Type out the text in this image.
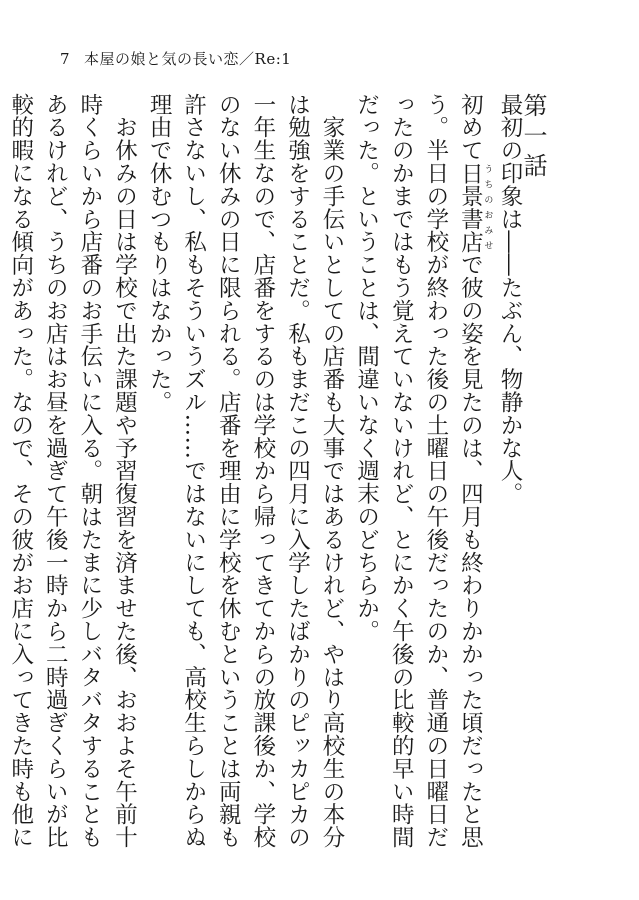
7 本屋の娘と気の長い恋／Re:1
第一話

最初の印象は――たぶん、物静かな人。

初めて日景書店 うちのおみせで彼の姿を見たのは、四月も終わりかかった頃だったと思う。半日の学校が終わった後の土曜日の午後だったのか、普通の日曜日だったのかまではもう覚えていないけれど、とにかく午後の比較的早い時間だった。ということは、間違いなく週末のどちらか。

　家業の手伝いとしての店番も大事ではあるけれど、やはり高校生の本分は勉強をすることだ。私もまだこの四月に入学したばかりのピッカピカの一年生なので、店番をするのは学校から帰ってきてからの放課後か、学校のない休みの日に限られる。店番を理由に学校を休むということは両親も許さないし、私もそういうズル……ではないにしても、高校生らしからぬ理由で休むつもりはなかった。

　お休みの日は学校で出た課題や予習復習を済ませた後、おおよそ午前十時くらいから店番のお手伝いに入る。朝はたまに少しバタバタすることもあるけれど、うちのお店はお昼を過ぎて午後一時から二時過ぎくらいが比較的暇になる傾向があった。なので、その彼がお店に入ってきた時も他に
